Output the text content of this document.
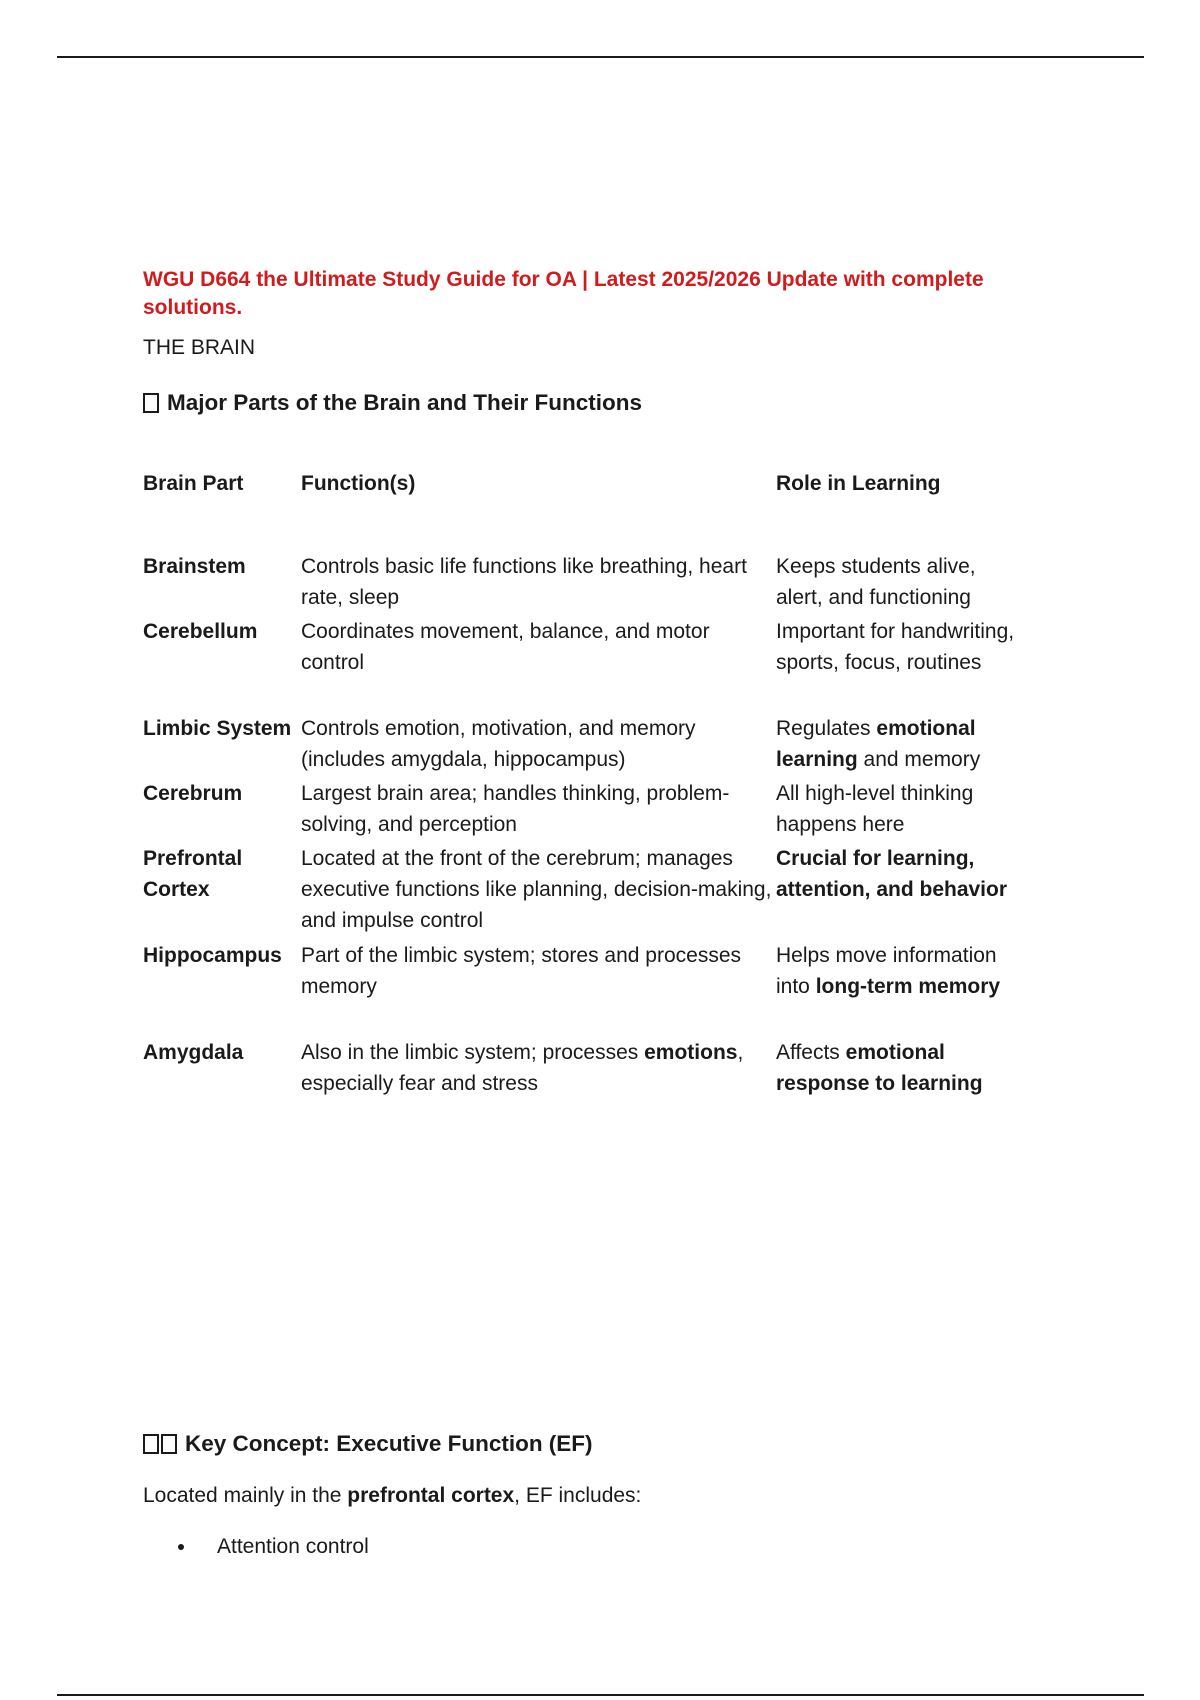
WGU D664 the Ultimate Study Guide for OA | Latest 2025/2026 Update with complete solutions.

THE BRAIN

Major Parts of the Brain and Their Functions
Brain Part	Function(s)	Role in Learning
Brainstem	Controls basic life functions like breathing, heart rate, sleep	Keeps students alive, alert, and functioning
Cerebellum	Coordinates movement, balance, and motor control	Important for handwriting, sports, focus, routines
Limbic System	Controls emotion, motivation, and memory (includes amygdala, hippocampus)	Regulates emotional learning and memory
Cerebrum	Largest brain area; handles thinking, problem-solving, and perception	All high-level thinking happens here
Prefrontal Cortex	Located at the front of the cerebrum; manages executive functions like planning, decision-making, and impulse control	Crucial for learning, attention, and behavior
Hippocampus	Part of the limbic system; stores and processes memory	Helps move information into long-term memory
Amygdala	Also in the limbic system; processes emotions, especially fear and stress	Affects emotional response to learning
Key Concept: Executive Function (EF)

Located mainly in the prefrontal cortex, EF includes:

Attention control
